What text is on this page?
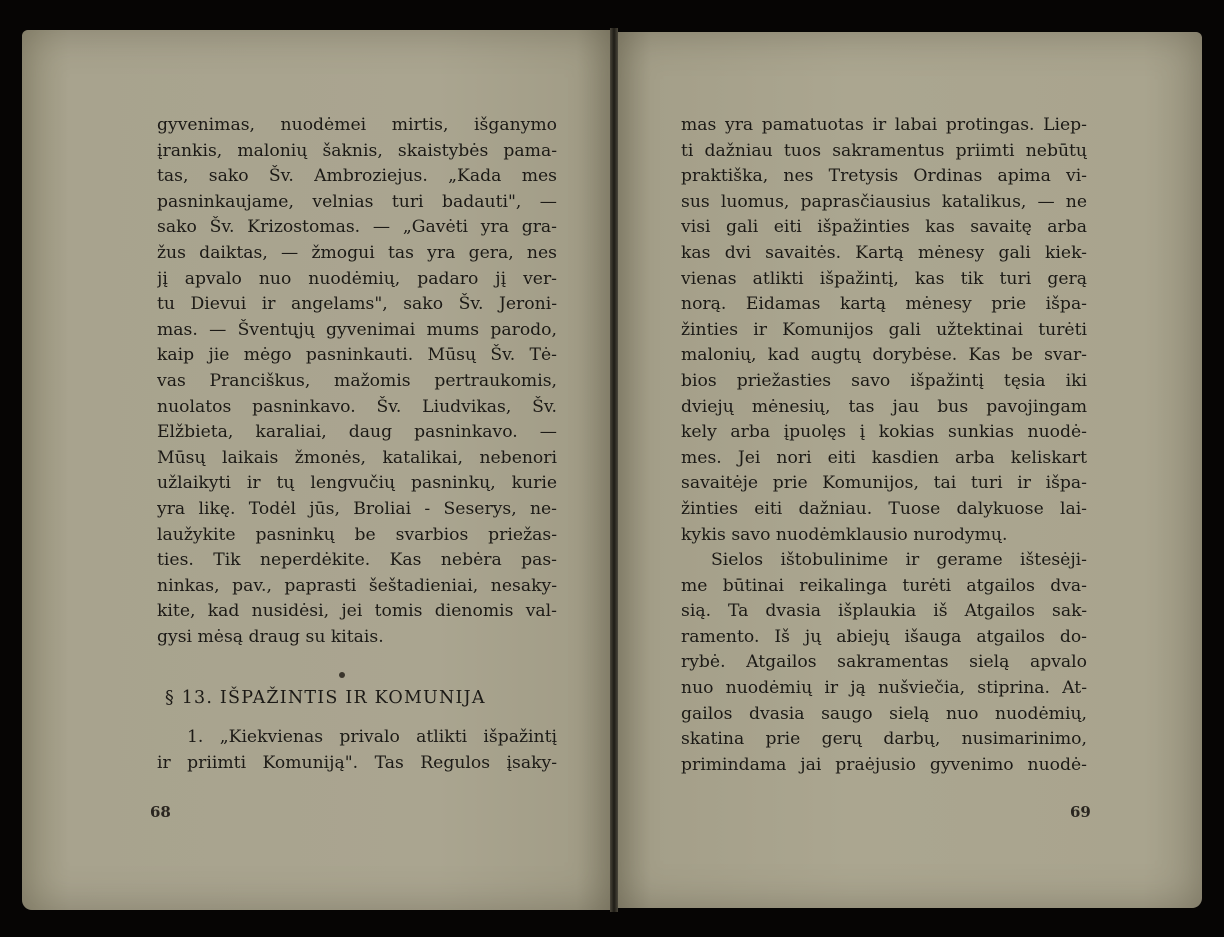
gyvenimas, nuodėmei mirtis, išganymo
įrankis, malonių šaknis, skaistybės pama-
tas, sako Šv. Ambroziejus. „Kada mes
pasninkaujame, velnias turi badauti", —
sako Šv. Krizostomas. — „Gavėti yra gra-
žus daiktas, — žmogui tas yra gera, nes
jį apvalo nuo nuodėmių, padaro jį ver-
tu Dievui ir angelams", sako Šv. Jeroni-
mas. — Šventųjų gyvenimai mums parodo,
kaip jie mėgo pasninkauti. Mūsų Šv. Tė-
vas Pranciškus, mažomis pertraukomis,
nuolatos pasninkavo. Šv. Liudvikas, Šv.
Elžbieta, karaliai, daug pasninkavo. —
Mūsų laikais žmonės, katalikai, nebenori
užlaikyti ir tų lengvučių pasninkų, kurie
yra likę. Todėl jūs, Broliai - Seserys, ne-
laužykite pasninkų be svarbios priežas-
ties. Tik neperdėkite. Kas nebėra pas-
ninkas, pav., paprasti šeštadieniai, nesaky-
kite, kad nusidėsi, jei tomis dienomis val-
gysi mėsą draug su kitais.
§ 13. IŠPAŽINTIS IR KOMUNIJA
1. „Kiekvienas privalo atlikti išpažintį
ir priimti Komuniją". Tas Regulos įsaky-
68
mas yra pamatuotas ir labai protingas. Liep-
ti dažniau tuos sakramentus priimti nebūtų
praktiška, nes Tretysis Ordinas apima vi-
sus luomus, paprasčiausius katalikus, — ne
visi gali eiti išpažinties kas savaitę arba
kas dvi savaitės. Kartą mėnesy gali kiek-
vienas atlikti išpažintį, kas tik turi gerą
norą. Eidamas kartą mėnesy prie išpa-
žinties ir Komunijos gali užtektinai turėti
malonių, kad augtų dorybėse. Kas be svar-
bios priežasties savo išpažintį tęsia iki
dviejų mėnesių, tas jau bus pavojingam
kely arba įpuolęs į kokias sunkias nuodė-
mes. Jei nori eiti kasdien arba keliskart
savaitėje prie Komunijos, tai turi ir išpa-
žinties eiti dažniau. Tuose dalykuose lai-
kykis savo nuodėmklausio nurodymų.
Sielos ištobulinime ir gerame ištesėji-
me būtinai reikalinga turėti atgailos dva-
sią. Ta dvasia išplaukia iš Atgailos sak-
ramento. Iš jų abiejų išauga atgailos do-
rybė. Atgailos sakramentas sielą apvalo
nuo nuodėmių ir ją nušviečia, stiprina. At-
gailos dvasia saugo sielą nuo nuodėmių,
skatina prie gerų darbų, nusimarinimo,
primindama jai praėjusio gyvenimo nuodė-
69
